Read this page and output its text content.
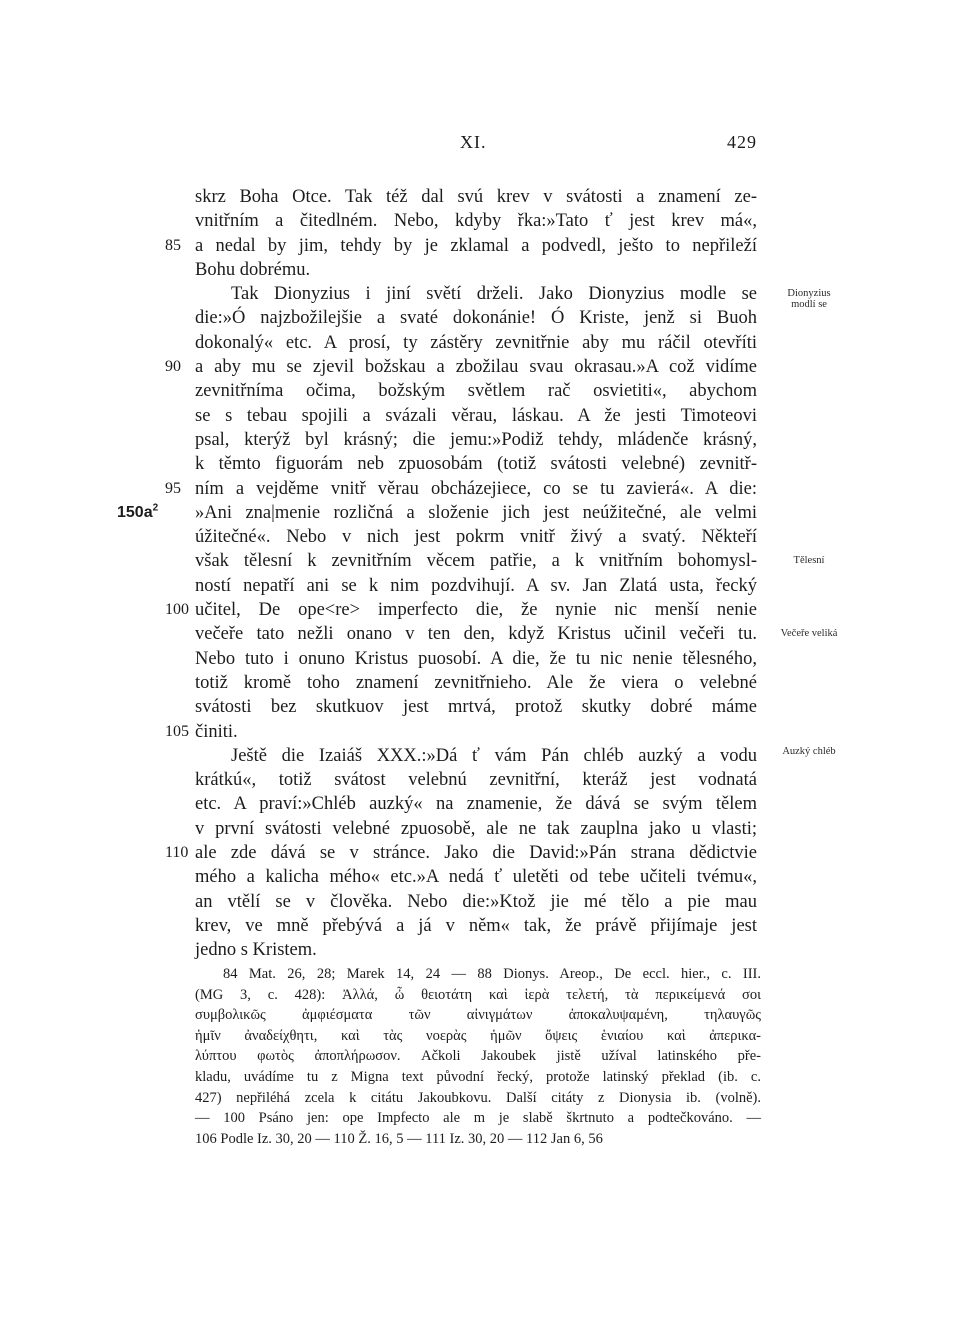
XI.	429
skrz Boha Otce. Tak též dal svú krev v svátosti a znamení ze-
vnitřním a čitedlném. Nebo, kdyby řka:»Tato ť jest krev má«,
85 a nedal by jim, tehdy by je zklamal a podvedl, ješto to nepřileží
Bohu dobrému.
Tak Dionyzius i jiní světí drželi. Jako Dionyzius modle se
die:»Ó najzbožilejšie a svaté dokonánie! Ó Kriste, jenž si Buoh
dokonalý« etc. A prosí, ty zástěry zevnitřnie aby mu ráčil otevříti
90 a aby mu se zjevil božskau a zbožilau svau okrasau.»A což vidíme
zevnitřníma očima, božským světlem rač osvietiti«, abychom
se s tebau spojili a svázali věrau, láskau. A že jesti Timoteovi
psal, kterýž byl krásný; die jemu:»Podiž tehdy, mládenče krásný,
k těmto figuorám neb zpuosobám (totiž svátosti velebné) zevnitř-
95 ním a vejděme vnitř věrau obcházejiece, co se tu zavierá«. A die:
$150a^2$ »Ani zna|menie rozličná a složenie jich jest neúžitečné, ale velmi
úžitečné«. Nebo v nich jest pokrm vnitř živý a svatý. Někteří
však tělesní k zevnitřním věcem patřie, a k vnitřním bohomysl-
ností nepatří ani se k nim pozdvihují. A sv. Jan Zlatá usta, řecký
100 učitel, De ope<re> imperfecto die, že nynie nic menší nenie
večeře tato nežli onano v ten den, když Kristus učinil večeři tu.
Nebo tuto i onuno Kristus puosobí. A die, že tu nic nenie tělesného,
totiž kromě toho znamení zevnitřnieho. Ale že viera o velebné
svátosti bez skutkuov jest mrtvá, protož skutky dobré máme
105 činiti.
Ještě die Izaiáš XXX.:»Dá ť vám Pán chléb auzký a vodu
krátkú«, totiž svátost velebnú zevnitřní, kteráž jest vodnatá
etc. A praví:»Chléb auzký« na znamenie, že dává se svým tělem
v první svátosti velebné zpuosobě, ale ne tak zauplna jako u vlasti;
110 ale zde dává se v stránce. Jako die David:»Pán strana dědictvie
mého a kalicha mého« etc.»A nedá ť uletěti od tebe učiteli tvému«,
an vtělí se v člověka. Nebo die:»Ktož jie mé tělo a pie mau
krev, ve mně přebývá a já v něm« tak, že právě přijímaje jest
jedno s Kristem.
Dionyzius
modlí se
Tělesní
Večeře veliká
Auzký chléb
84 Mat. 26, 28; Marek 14, 24 — 88 Dionys. Areop., De eccl. hier., c. III.
(MG 3, c. 428): Ἀλλά, ὦ θειοτάτη καὶ ἱερὰ τελετή, τὰ περικείμενά σοι
συμβολικῶς ἀμφιέσματα τῶν αἰνιγμάτων ἀποκαλυψαμένη, τηλαυγῶς
ἡμῖν ἀναδείχθητι, καὶ τὰς νοερὰς ἡμῶν ὄψεις ἑνιαίου καὶ ἀπερικα-
λύπτου φωτὸς ἀποπλήρωσον. Ačkoli Jakoubek jistě užíval latinského pře-
kladu, uvádíme tu z Migna text původní řecký, protože latinský překlad (ib. c.
427) nepřiléhá zcela k citátu Jakoubkovu. Další citáty z Dionysia ib. (volně).
— 100 Psáno jen: ope Impfecto ale m je slabě škrtnuto a podtečkováno. —
106 Podle Iz. 30, 20 — 110 Ž. 16, 5 — 111 Iz. 30, 20 — 112 Jan 6, 56
